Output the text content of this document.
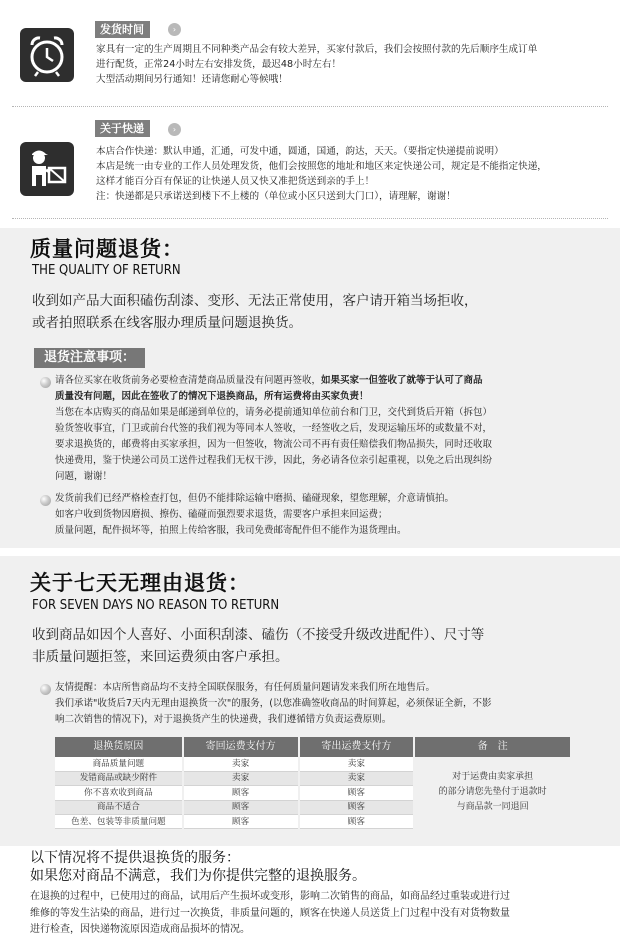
发货时间	›
家具有一定的生产周期且不同种类产品会有较大差异，买家付款后，我们会按照付款的先后顺序生成订单
进行配货，正常24小时左右安排发货，最迟48小时左右！
大型活动期间另行通知！还请您耐心等候哦！
关于快递	›
本店合作快递：默认申通，汇通，可发中通，圆通，国通，韵达，天天。（要指定快递提前说明）
本店是统一由专业的工作人员处理发货，他们会按照您的地址和地区来定快递公司，规定是不能指定快递，
这样才能百分百有保证的让快递人员又快又准把货送到亲的手上！
注：快递都是只承诺送到楼下不上楼的（单位或小区只送到大门口），请理解，谢谢！
质量问题退货：
THE QUALITY OF RETURN
收到如产品大面积磕伤刮漆、变形、无法正常使用，客户请开箱当场拒收，
或者拍照联系在线客服办理质量问题退换货。
退货注意事项：
请各位买家在收货前务必要检查清楚商品质量没有问题再签收，如果买家一但签收了就等于认可了商品
质量没有问题，因此在签收了的情况下退换商品，所有运费将由买家负责！
当您在本店购买的商品如果是邮递到单位的，请务必提前通知单位前台和门卫，交代到货后开箱（拆包）
验货签收事宜，门卫或前台代签的我们视为等同本人签收，一经签收之后，发现运输压坏的或数量不对，
要求退换货的，邮费将由买家承担，因为一但签收，物流公司不再有责任赔偿我们物品损失，同时还收取
快递费用，鉴于快递公司员工送件过程我们无权干涉，因此，务必请各位亲引起重视，以免之后出现纠纷
问题，谢谢！
发货前我们已经严格检查打包，但仍不能排除运输中磨损、磕碰现象，望您理解，介意请慎拍。
如客户收到货物因磨损、擦伤、磕碰而强烈要求退货，需要客户承担来回运费；
质量问题，配件损坏等，拍照上传给客服，我司免费邮寄配件但不能作为退货理由。
关于七天无理由退货：
FOR SEVEN DAYS NO REASON TO RETURN
收到商品如因个人喜好、小面积刮漆、磕伤（不接受升级改进配件）、尺寸等
非质量问题拒签，来回运费须由客户承担。
友情提醒：本店所售商品均不支持全国联保服务，有任何质量问题请发来我们所在地售后。
我们承诺"收货后7天内无理由退换货一次"的服务，(以您准确签收商品的时间算起，必须保证全新，不影
响二次销售的情况下)，对于退换货产生的快递费，我们遵循错方负责运费原则。
退换货原因	寄回运费支付方	寄出运费支付方	备　注
商品质量问题	卖家	卖家	对于运费由卖家承担
的部分请您先垫付于退款时
与商品款一同退回

发错商品或缺少附件	卖家	卖家	
你不喜欢收到商品	顾客	顾客	
商品不适合	顾客	顾客	
色差、包装等非质量问题	顾客	顾客	
以下情况将不提供退换货的服务：
如果您对商品不满意，我们为你提供完整的退换服务。
在退换的过程中，已使用过的商品，试用后产生损坏或变形，影响二次销售的商品，如商品经过重装或进行过
维修的等发生沾染的商品，进行过一次换货，非质量问题的，顾客在快递人员送货上门过程中没有对货物数量
进行检查，因快递物流原因造成商品损坏的情况。
